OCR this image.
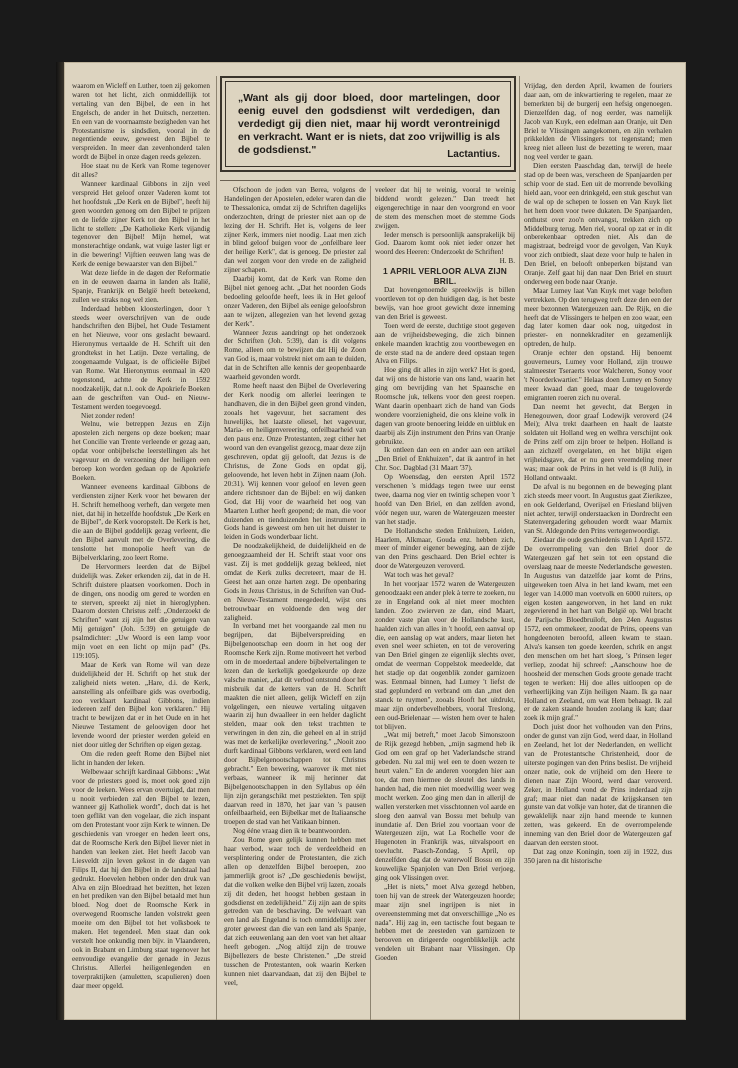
„Want als gij door bloed, door martelingen, door eenig euvel den godsdienst wilt verdedigen, dan verdedigt gij dien niet, maar hij wordt verontreinigd en verkracht. Want er is niets, dat zoo vrijwillig is als de godsdienst."	Lactantius.

waarom en Wicleff en Luther, toen zij gekomen waren tot het licht, zich onmiddellijk tot vertaling van den Bijbel, de een in het Engelsch, de ander in het Duitsch, nerzetten. En een van de voornaamste bezigheden van het Protestantisme is sindsdien, vooral in de negentiende eeuw, geweest den Bijbel te verspreiden. In meer dan zevenhonderd talen wordt de Bijbel in onze dagen reeds gelezen.

Hoe staat nu de Kerk van Rome tegenover dit alles?

Wanneer kardinaal Gibbons in zijn veel verspreid Het geloof onzer Vaderen komt tot het hoofdstuk „De Kerk en de Bijbel", heeft hij geen woorden genoeg om den Bijbel te prijzen en de liefde zijner Kerk tot den Bijbel in het licht te stellen: „De Katholieke Kerk vijandig tegenover den Bijbel! Mijn hemel, wat monsterachtige ondank, wat vuige laster ligt er in die bewering! Vijftien eeuwen lang was de Kerk de eenige bewaarster van den Bijbel."

Wat deze liefde in de dagen der Reformatie en in de eeuwen daarna in landen als Italië, Spanje, Frankrijk en België heeft beteekend, zullen we straks nog wel zien.

Inderdaad hebben kloosterlingen, door 't steeds weer overschrijven van de oude handschriften den Bijbel, het Oude Testament en het Nieuwe, voor ons geslacht bewaard. Hieronymus vertaalde de H. Schrift uit den grondtekst in het Latijn. Deze vertaling, de zoogenaamde Vulgaat, is de officieële Bijbel van Rome. Wat Hieronymus eenmaal in 420 tegenstond, achtte de Kerk in 1592 noodzakelijk, dat n.l. ook de Apokriefe Boeken aan de geschriften van Oud- en Nieuw-Testament werden toegevoegd.

Niet zonder reden!

Welnu, wie betreppen Jezus en Zijn apostelen zich nergens op deze boeken; maar het Concilie van Trente verleende er gezag aan, opdat voor onbijbelsche leerstellingen als het vagevuur en de verzoening der heiligen een beroep kon worden gedaan op de Apokriefe Boeken.

Wanneer eveneens kardinaal Gibbons de verdiensten zijner Kerk voor het bewaren der H. Schrift hemelhoog verheft, dan vergete men niet, dat hij in hetzelfde hoofdstuk „De Kerk en de Bijbel", de Kerk vooropstelt. De Kerk is het, die aan de Bijbel goddelijk gezag verleent, die den Bijbel aanvult met de Overlevering, die tenslotte het monopolie heeft van de Bijbelverklaring, zoo leert Rome.

De Hervormers leerden dat de Bijbel duidelijk was. Zeker erkenden zij, dat in de H. Schrift duistere plaatsen voorkomen. Doch in de dingen, ons noodig om gered te worden en te sterven, spreekt zij niet in hieroglyphen. Daarom dorsten Christus zelf: „Onderzoekt de Schriften" want zij zijn het die getuigen van Mij getuigen" (Joh. 5:39) en getuigde de psalmdichter: „Uw Woord is een lamp voor mijn voet en een licht op mijn pad" (Ps. 119:105).

Maar de Kerk van Rome wil van deze duidelijkheid der H. Schrift op het stuk der zaligheid niets weten. „Hare, d.i. de Kerk, aanstelling als onfeilbare gids was overbodig, zoo verklaart kardinaal Gibbons, indien iedereen zelf den Bijbel kon verklaren." Hij tracht te bewijzen dat er in het Oude en in het Nieuwe Testament de geloovigen door het levende woord der priester werden geleid en niet door uitleg der Schriften op eigen gezag.

Om die reden geeft Rome den Bijbel niet licht in handen der leken.

Welbewaar schrijft kardinaal Gibbons: „Wat voor de priesters goed is, moet ook goed zijn voor de leeken. Wees ervan overtuigd, dat men u nooit verbieden zal den Bijbel te lezen, wanneer gij Katholiek wordt", doch dat is het toen geflikt van den vogelaar, die zich inspant om den Protestant voor zijn Kerk te winnen. De geschiedenis van vroeger en heden leert ons, dat de Roomsche Kerk den Bijbel liever niet in handen van leeken ziet. Het heeft Jacob van Liesveldt zijn leven gekost in de dagen van Filips II, dat hij den Bijbel in de landstaal had gedrukt. Hoevelen hebben onder den druk van Alva en zijn Bloedraad het bezitten, het lezen en het prediken van den Bijbel betaald met hun bloed. Nog doet de Roomsche Kerk in overwegend Roomsche landen volstrekt geen moeite om den Bijbel tot het volksboek te maken. Het tegendeel. Men staat dan ook verstelt hoe onkundig men bijv. in Vlaanderen, ook in Brabant en Limburg staat tegenover het eenvoudige evangelie der genade in Jezus Christus. Allerlei heiligenlegenden en toverpraktijken (amuletten, scapulieren) doen daar meer opgeld.

Ofschoon de joden van Berea, volgens de Handelingen der Apostelen, edeler waren dan die te Thessalonica, omdat zij de Schriften dagelijks onderzochten, dringt de priester niet aan op de lezing der H. Schrift. Het is, volgens de leer zijner Kerk, immers niet noodig. Laat men zich in blind geloof buigen voor de „onfeilbare leer der heilige Kerk", dat is genoeg. De priester zal dan wel zorgen voor den vrede en de zaligheid zijner schapen.

Daarbij komt, dat de Kerk van Rome den Bijbel niet genoeg acht. „Dat het noorden Gods bedoeling geloofde heeft, lees ik in Het geloof onzer Vaderen, den Bijbel als eenige geloofsbron aan te wijzen, allegezien van het levend gezag der Kerk".

Wanneer Jezus aandringt op het onderzoek der Schriften (Joh. 5:39), dan is dit volgens Rome, alleen om te bewijzen dat Hij de Zoon van God is, maar volstrekt niet om aan te duiden, dat in de Schriften alle kennis der geopenbaarde waarheid gevonden wordt.

Rome heeft naast den Bijbel de Overlevering der Kerk noodig om allerlei leeringen te handhaven, die in den Bijbel geen grond vinden, zooals het vagevuur, het sacrament des huwelijks, het laatste oliesel, het vagevuur, Maria- en heiligenvereering, onfeilbaarheid van den paus enz. Onze Protestanten, zegt cither het woord van den evangelist gezocg, maar deze zijn geschreven, opdat gij gelooft, dat Jezus is de Christus, de Zone Gods en opdat gij, geloovende, het leven hebt in Zijnen naam (Joh. 20:31). Wij kennen voor geloof en leven geen andere richtsnoer dan de Bijbel: en wij danken God, dat Hij voor de waarheid het oog van Maarten Luther heeft geopend; de man, die voor duizenden en tienduizenden het instrument in Gods hand is geweest om hen uit het duister te leiden in Gods wonderbaar licht.

De noodzakelijkheid, de duidelijkheid en de genoegzaamheid der H. Schrift staat voor ons vast. Zij is met goddelijk gezag bekleed, niet omdat de Kerk zulks decreteert, maar de H. Geest het aan onze harten zegt. De openbaring Gods in Jezus Christus, in de Schriften van Oud- en Nieuw-Testament meegedeeld, wijst ons betrouwbaar en voldoende den weg der zaligheid.

In verband met het voorgaande zal men nu begrijpen, dat Bijbelverspreiding en Bijbelgenootschap een doorn in het oog der Roomsche Kerk zijn. Rome motiveert het verbod om in de moedertaal andere bijbelvertalingen te lezen dan de kerkelijk goedgekeurde op deze valsche manier, „dat dit verbod ontstond door het misbruik dat de ketters van de H. Schrift maakten die niet alleen, gelijk Wicleff en zijn volgelingen, een nieuwe vertaling uitgaven waarin zij hun dwaalleer in een helder daglicht stelden, maar ook den tekst trachtten te verwringen in den zin, die geheel en al in strijd was met de kerkelijke overlevering." „Nooit zoo durft kardinaal Gibbons verklaren, werd een land door Bijbelgenootschappen tot Christus gebracht." Een bewering, waarover ik met niet verbaas, wanneer ik mij herinner dat Bijbelgenootschappen in den Syllabus op één lijn zijn gerangschikt met pestziekten. Ten spijt daarvan reed in 1870, het jaar van 's pausen onfeilbaarheid, een Bijbelkar met de Italiaansche troepen de stad van het Vatikaan binnen.

Nog ééne vraag dien ik te beantwoorden.

Zou Rome geen gelijk kunnen hebben met haar verbod, waar toch de verdeeldheid en versplintering onder de Protestanten, die zich allen op denzelfden Bijbel beroepen, zoo jammerlijk groot is? „De geschiedenis bewijst, dat die volken welke den Bijbel vrij lazen, zooals zij dit deden, het hoogst hebben gestaan in godsdienst en zedelijkheid." Zij zijn aan de spits getreden van de beschaving. De welvaart van een land als Engeland is toch onmiddellijk zeer groter geweest dan die van een land als Spanje, dat zich eeuwenlang aan den voet van het altaar heeft gebogen. „Nog altijd zijn de trouwe Bijbellezers de beste Christenen." „De streid tusschen de Protestanten, ook waarin Kerken kunnen niet daarvandaan, dat zij den Bijbel te veel,

veeleer dat hij te weinig, vooral te weinig biddend wordt gelezen." Dan treedt het eigengerechtige in naar den voorgrond en voor de stem des menschen moet de stemme Gods zwijgen.

Ieder mensch is persoonlijk aansprakelijk bij God. Daarom komt ook niet ieder onzer het woord des Heeren: Onderzoekt de Schriften!

H. B.

1 APRIL VERLOOR ALVA ZIJN BRIL.

Dat hovengenoemde spreekwijs is billen voortleven tot op den huidigen dag, is het beste bewijs, van hoe groot gewicht deze inneming van den Briel is geweest.

Toen werd de eerste, duchtige stoot gegeven aan de vrijheidsbeweging, die zich binnen enkele maanden krachtig zou voortbewegen en de erste stad na de andere deed opstaan tegen Alva en Filips.

Hoe ging dit alles in zijn werk? Het is goed, dat wij ons de historie van ons land, waarin het ging om bevrijding van het Spaansche en Roomsche juk, telkens voor den geest roepen. Want daarin openbaart zich de hand van Gods wondere voorzienigheid, die ons kleine volk in dagen van groote benoering leidde en uitbluk en daarbij als Zijn instrument den Prins van Oranje gebruikte.

Ik ontleen dan een en ander aan een artikel „Den Briel of Enkhuizen", dat ik aantrof in het Chr. Soc. Dagblad (31 Maart '37).

Op Woensdag, den eersten April 1572 verschenen 's middags tegen twee uur eenst twee, daarna nog vier en twintig schepen voor 't hoofd van Den Briel, en dan zelfden avond, vóór negen uur, waren de Watergeuzen meester van het stadje.

De Hollandsche steden Enkhuizen, Leiden, Haarlem, Alkmaar, Gouda enz. hebben zich, meer of minder eigener beweging, aan de zijde van den Prins geschaard. Den Briel echter is door de Watergeuzen veroverd.

Wat toch was het geval?

In het voorjaar 1572 waren de Watergeuzen genoodzaakt een ander plek à terre te zoeken, nu ze in Engeland ook al niet meer mochten landen. Zoo zwierven ze dan, eind Maart, zonder vaste plan voor de Hollandsche kust, haalden zich van alles in 't hoofd, een aanval op die, een aanslag op wat anders, maar lieten het even snel weer schieten, en tot de verovering van Den Briel gingen ze eigenlijk slechts over, omdat de veerman Coppelstok meedeelde, dat het stadje op dat oogenblik zonder garnizoen was. Eenmaal binnen, had Lumey 't liefst de stad geplunderd en verbrand om dan „met den stanck te ruymen", zooals Hooft het uitdrukt, maar zijn onderbevelhebbers, vooral Treslong, een oud-Brielenaar — wisten hem over te halen tot blijven.

„Wat mij betreft," moet Jacob Simonszoon de Rijk gezegd hebben, „mijn sagmend heb ik God om een graf op het Vaderlandsche strand gebeden. Nu zal mij wel een te doen wezen te heurt valen." En de anderen voorgden hier aan toe, dat men hiermee de sleutel des lands in handen had, die men niet moedwillig weer weg mocht werken. Zoo ging men dan in allerijl de wallen versterken met visschtonnen vol aarde en sloeg den aanval van Bossu met behulp van inundatie af. Den Briel zou voortaan voor de Watergeuzen zijn, wat La Rochelle voor de Hugenoten in Frankrijk was, uitvalspoort en toevlucht. Paasch-Zondag, 5 April, op denzelfden dag dat de waterwolf Bossu en zijn kouwelijke Spanjolen van Den Briel verjoeg, ging ook Vlissingen over.

„Het is niets," moet Alva gezegd hebben, toen hij van de streek der Watergeuzen hoorde; maar zijn snel ingrijpen is niet in overeenstemming met dat onverschillige „No es nada". Hij zag in, een tactische fout begaan te hebben met de zeesteden van garnizoen te berooven en dirigeerde oogenblikkelijk acht vendelen uit Brabant naar Vlissingen. Op Goeden

Vrijdag, den derden April, kwamen de fouriers daar aan, om de inkwartiering te regelen, maar ze bemerkten bij de burgerij een hefsig ongenoegen. Dienzelfden dag, of nog eerder, was namelijk Jacob van Kuyk, een edelman aan Oranje, uit Den Briel te Vlissingen aangekomen, en zijn verhalen prikkelden de Vlissingers tot tegenstand; men kreeg niet alleen lust de bezetting te weren, maar nog veel verder te gaan.

Dien eersten Paaschdag dan, terwijl de heele stad op de been was, verscheen de Spanjaarden per schip voor de stad. Een uit de morrende bevolking hield aan, voor een drinkgeld, een stuk geschut van de wal op de schepen te lossen en Van Kuyk liet het hem doen voor twee dukaten. De Spanjaarden, onthutst over zoo'n ontvangst, trekken zich op Middelburg terug. Men riel, vooral op zat er in dit onberekenbaar optreden niet. Als dan de magistraat, bedreigd voor de gevolgen, Van Kuyk voor zich ontbiedt, slaat deze voor hulp te halen in Den Briel, en belooft onbeperken bijstand van Oranje. Zelf gaat hij dan naar Den Briel en stuurt onderweg een bode naar Oranje.

Maar Lumey laat Van Kuyk met vage beloften vertrekken. Op den terugweg treft deze den een der meer bezonnen Watergeuzen aan. De Rijk, en die heeft dat de Vlissingers te helpen en zoo waar, een dag later komen daar ook nog, uitgedost in priester- en nonnekkraditer en gezamenlijk optreden, de hulp.

Oranje echter den opstand. Hij benoemt gouverneurs, Lumey voor Holland, zijn trouwe stalmeester Tseraerts voor Walcheren, Sonoy voor 't Noorderkwartier." Helaas doen Lumey en Sonoy meer kwaad dan goed, maar de teugeloverde emigranten roeren zich nu overal.

Dan neemt het gevecht, dat Bergen in Henegouwen, door graaf Lodewijk veroverd (24 Mei); Alva trekt daarheen en haalt de laatste soldaten uit Holland weg en welhra verschijnt ook de Prins zelf om zijn broer te helpen. Holland is aan zichzelf overgelaten, en het blijkt eigen vrijheidsgave, dat er nu geen vreemdeling meer was; maar ook de Prins in het veld is (8 Juli), in Holland ontwaakt.

De afval is nu begonnen en de beweging plant zich steeds meer voort. In Augustus gaat Zierikzee, en ook Gelderland, Overijsel en Friesland blijven niet achter, terwijl onderstaacken in Dordrecht een Statenvergadering gehouden wordt waar Marnix van St. Aldegonde den Prins vertegenwoordigt.

Ziedaar die oude geschiedenis van 1 April 1572. De overrompeling van den Briel door de Watergeuzen gaf het sein tot een opstand die overslaag naar de meeste Nederlandsche gewesten. In Augustus van datzelfde jaar komt de Prins, uitgeweken toen Alva in het land kwam, met een leger van 14.000 man voetvolk en 6000 ruiters, op eigen kosten aangeworven, in het land en rukt zegevierend in het hart van België op. Wel bracht de Parijsche Bloedbruiloft, den 24en Augustus 1572, een ommekeer, zoodat de Prins, opeens van hongdeenoten beroofd, alleen kwam te staan. Alva's kansen ten goede keerden, schrik en angst den menschen om het hart sloeg, 's Prinsen leger verliep, zoodat hij schreef: „Aanschouw hoe de hoosheid der menschen Gods groote genade tracht tegen te werken: Hij doe alles uitloopen op de verheerlijking van Zijn heiligen Naam. Ik ga naar Holland en Zeeland, om wat Hem behaagt. Ik zal er de zaken staande houden zoolang ik kan; daar zoek ik mijn graf."

Doch juist door het volhouden van den Prins, onder de gunst van zijn God, werd daar, in Holland en Zeeland, het lot der Nederlanden, en wellicht van de Protestantsche Christenheid, door de uiterste pogingen van den Prins beslist. De vrijheid onzer natie, ook de vrijheid om den Heere te dienen naar Zijn Woord, werd daar veroverd. Zeker, in Holland vond de Prins inderdaad zijn graf; maar niet dan nadat de krijgskansen ten gunste van dat volkje van hoter, dat de tirannen die gewaklelijk naar zijn hand meende te kunnen zetten, was gekeerd. En de overrompelende inneming van den Briel door de Watergeuzen gaf daarvan den eersten stoot.

Dat zag onze Koningin, toen zij in 1922, dus 350 jaren na dit historische
